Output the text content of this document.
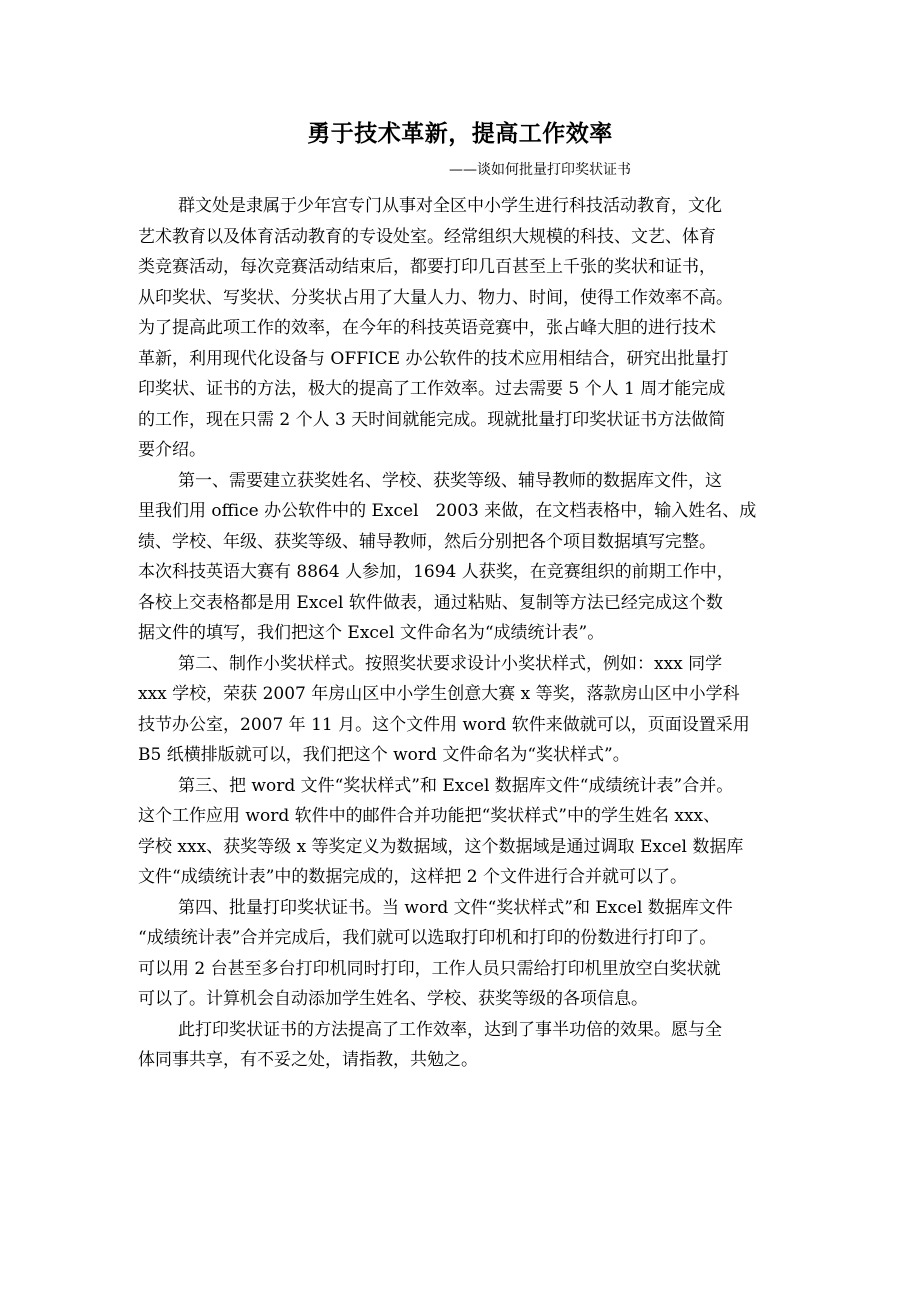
勇于技术革新，提高工作效率
——谈如何批量打印奖状证书
群文处是隶属于少年宫专门从事对全区中小学生进行科技活动教育，文化
艺术教育以及体育活动教育的专设处室。经常组织大规模的科技、文艺、体育
类竞赛活动，每次竞赛活动结束后，都要打印几百甚至上千张的奖状和证书，
从印奖状、写奖状、分奖状占用了大量人力、物力、时间，使得工作效率不高。
为了提高此项工作的效率，在今年的科技英语竞赛中，张占峰大胆的进行技术
革新，利用现代化设备与 OFFICE 办公软件的技术应用相结合，研究出批量打
印奖状、证书的方法，极大的提高了工作效率。过去需要 5 个人 1 周才能完成
的工作，现在只需 2 个人 3 天时间就能完成。现就批量打印奖状证书方法做简
要介绍。
第一、需要建立获奖姓名、学校、获奖等级、辅导教师的数据库文件，这
里我们用 office 办公软件中的 Excel　2003 来做，在文档表格中，输入姓名、成
绩、学校、年级、获奖等级、辅导教师，然后分别把各个项目数据填写完整。
本次科技英语大赛有 8864 人参加，1694 人获奖，在竞赛组织的前期工作中，
各校上交表格都是用 Excel 软件做表，通过粘贴、复制等方法已经完成这个数
据文件的填写，我们把这个 Excel 文件命名为“成绩统计表”。
第二、制作小奖状样式。按照奖状要求设计小奖状样式，例如：xxx 同学
xxx 学校，荣获 2007 年房山区中小学生创意大赛 x 等奖，落款房山区中小学科
技节办公室，2007 年 11 月。这个文件用 word 软件来做就可以，页面设置采用
B5 纸横排版就可以，我们把这个 word 文件命名为“奖状样式”。
第三、把 word 文件“奖状样式”和 Excel 数据库文件“成绩统计表”合并。
这个工作应用 word 软件中的邮件合并功能把“奖状样式”中的学生姓名 xxx、
学校 xxx、获奖等级 x 等奖定义为数据域，这个数据域是通过调取 Excel 数据库
文件“成绩统计表”中的数据完成的，这样把 2 个文件进行合并就可以了。
第四、批量打印奖状证书。当 word 文件“奖状样式”和 Excel 数据库文件
“成绩统计表”合并完成后，我们就可以选取打印机和打印的份数进行打印了。
可以用 2 台甚至多台打印机同时打印，工作人员只需给打印机里放空白奖状就
可以了。计算机会自动添加学生姓名、学校、获奖等级的各项信息。
此打印奖状证书的方法提高了工作效率，达到了事半功倍的效果。愿与全
体同事共享，有不妥之处，请指教，共勉之。
